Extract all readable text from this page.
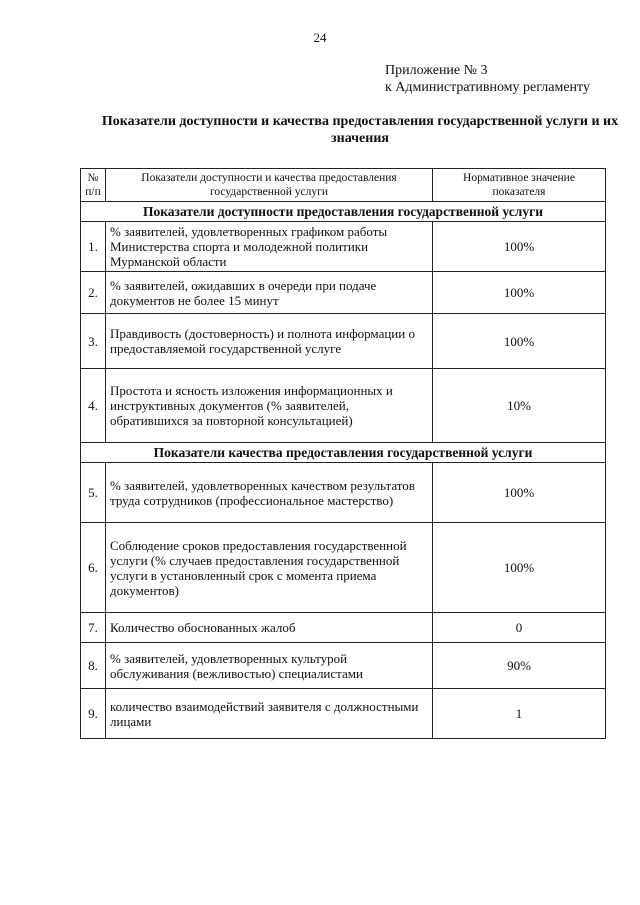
24
Приложение № 3
к Административному регламенту
Показатели доступности и качества предоставления государственной услуги и их значения
№ п/п	Показатели доступности и качества предоставления государственной услуги	Нормативное значение показателя
Показатели доступности предоставления государственной услуги		
1.	% заявителей, удовлетворенных графиком работы Министерства спорта и молодежной политики Мурманской области	100%
2.	% заявителей, ожидавших в очереди при подаче документов не более 15 минут	100%
3.	Правдивость (достоверность) и полнота информации о предоставляемой государственной услуге	100%
4.	Простота и ясность изложения информационных и инструктивных документов (% заявителей, обратившихся за повторной консультацией)	10%
Показатели качества предоставления государственной услуги		
5.	% заявителей, удовлетворенных качеством результатов труда сотрудников (профессиональное мастерство)	100%
6.	Соблюдение сроков предоставления государственной услуги (% случаев предоставления государственной услуги в установленный срок с момента приема документов)	100%
7.	Количество обоснованных жалоб	0
8.	% заявителей, удовлетворенных культурой обслуживания (вежливостью) специалистами	90%
9.	количество взаимодействий заявителя с должностными лицами	1
